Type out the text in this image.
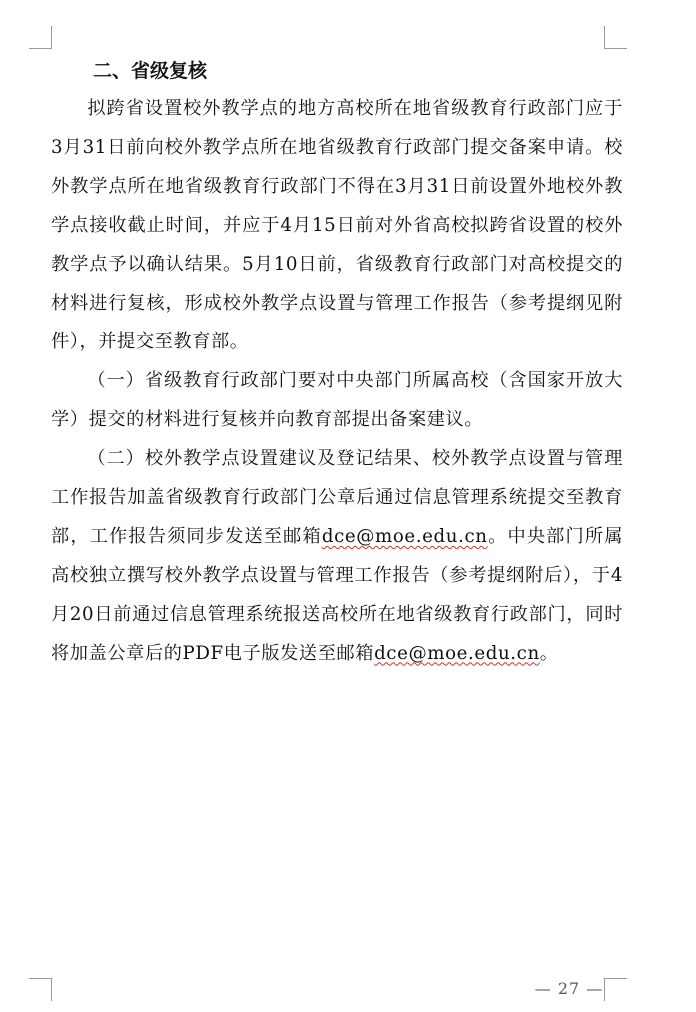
二、省级复核

拟跨省设置校外教学点的地方高校所在地省级教育行政部门应于3月31日前向校外教学点所在地省级教育行政部门提交备案申请。校外教学点所在地省级教育行政部门不得在3月31日前设置外地校外教学点接收截止时间，并应于4月15日前对外省高校拟跨省设置的校外教学点予以确认结果。5月10日前，省级教育行政部门对高校提交的材料进行复核，形成校外教学点设置与管理工作报告（参考提纲见附件），并提交至教育部。

（一）省级教育行政部门要对中央部门所属高校（含国家开放大学）提交的材料进行复核并向教育部提出备案建议。

（二）校外教学点设置建议及登记结果、校外教学点设置与管理工作报告加盖省级教育行政部门公章后通过信息管理系统提交至教育部，工作报告须同步发送至邮箱dce@moe.edu.cn。中央部门所属高校独立撰写校外教学点设置与管理工作报告（参考提纲附后），于4月20日前通过信息管理系统报送高校所在地省级教育行政部门，同时将加盖公章后的PDF电子版发送至邮箱dce@moe.edu.cn。

— 27 —
